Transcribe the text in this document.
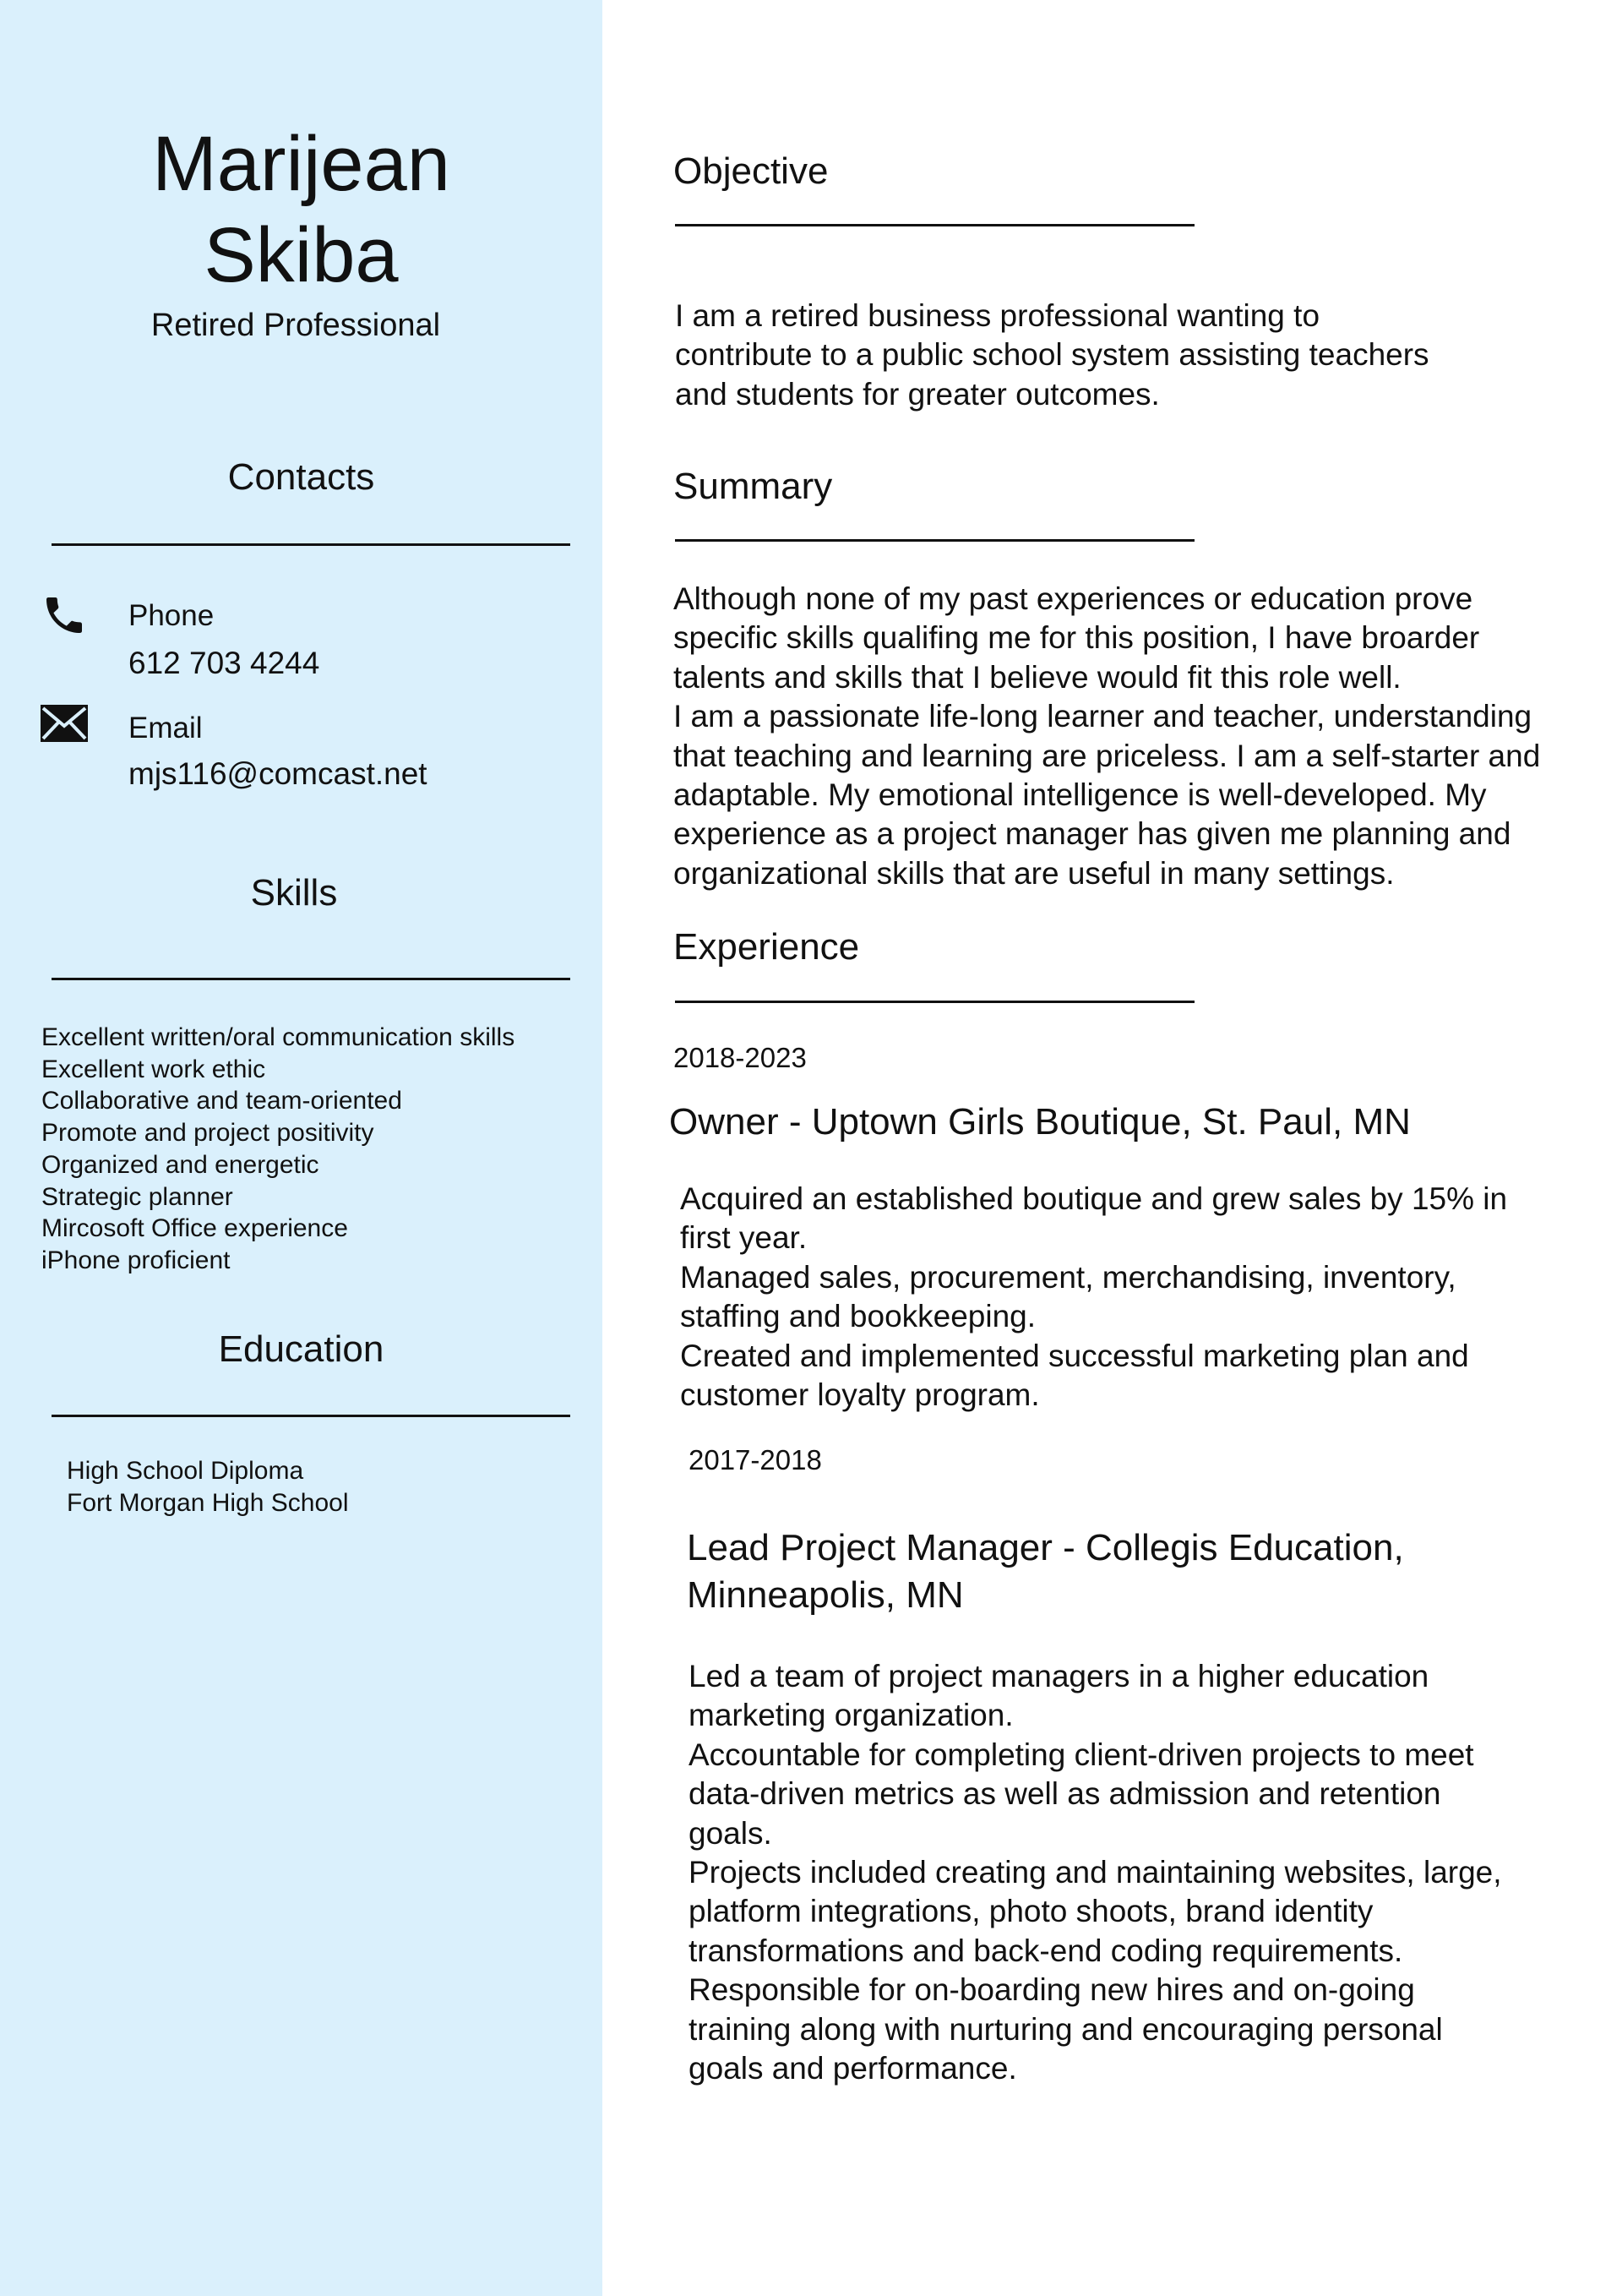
Marijean
Skiba
Retired Professional
Contacts
Phone
612 703 4244
Email
mjs116@comcast.net
Skills
Excellent written/oral communication skills
Excellent work ethic
Collaborative and team-oriented
Promote and project positivity
Organized and energetic
Strategic planner
Mircosoft Office experience
iPhone proficient
Education
High School Diploma
Fort Morgan High School
Objective

I am a retired business professional wanting to

contribute to a public school system assisting teachers

and students for greater outcomes.

Summary

Although none of my past experiences or education prove

specific skills qualifing me for this position, I have broarder

talents and skills that I believe would fit this role well.

I am a passionate life-long learner and teacher, understanding

that teaching and learning are priceless. I am a self-starter and

adaptable. My emotional intelligence is well-developed. My

experience as a project manager has given me planning and

organizational skills that are useful in many settings.

Experience
2018-2023
Owner - Uptown Girls Boutique, St. Paul, MN

Acquired an established boutique and grew sales by 15% in

first year.

Managed sales, procurement, merchandising, inventory,

staffing and bookkeeping.

Created and implemented successful marketing plan and

customer loyalty program.

2017-2018
Lead Project Manager - Collegis Education,
Minneapolis, MN

Led a team of project managers in a higher education

marketing organization.

Accountable for completing client-driven projects to meet

data-driven metrics as well as admission and retention

goals.

Projects included creating and maintaining websites, large,

platform integrations, photo shoots, brand identity

transformations and back-end coding requirements.

Responsible for on-boarding new hires and on-going

training along with nurturing and encouraging personal

goals and performance.
